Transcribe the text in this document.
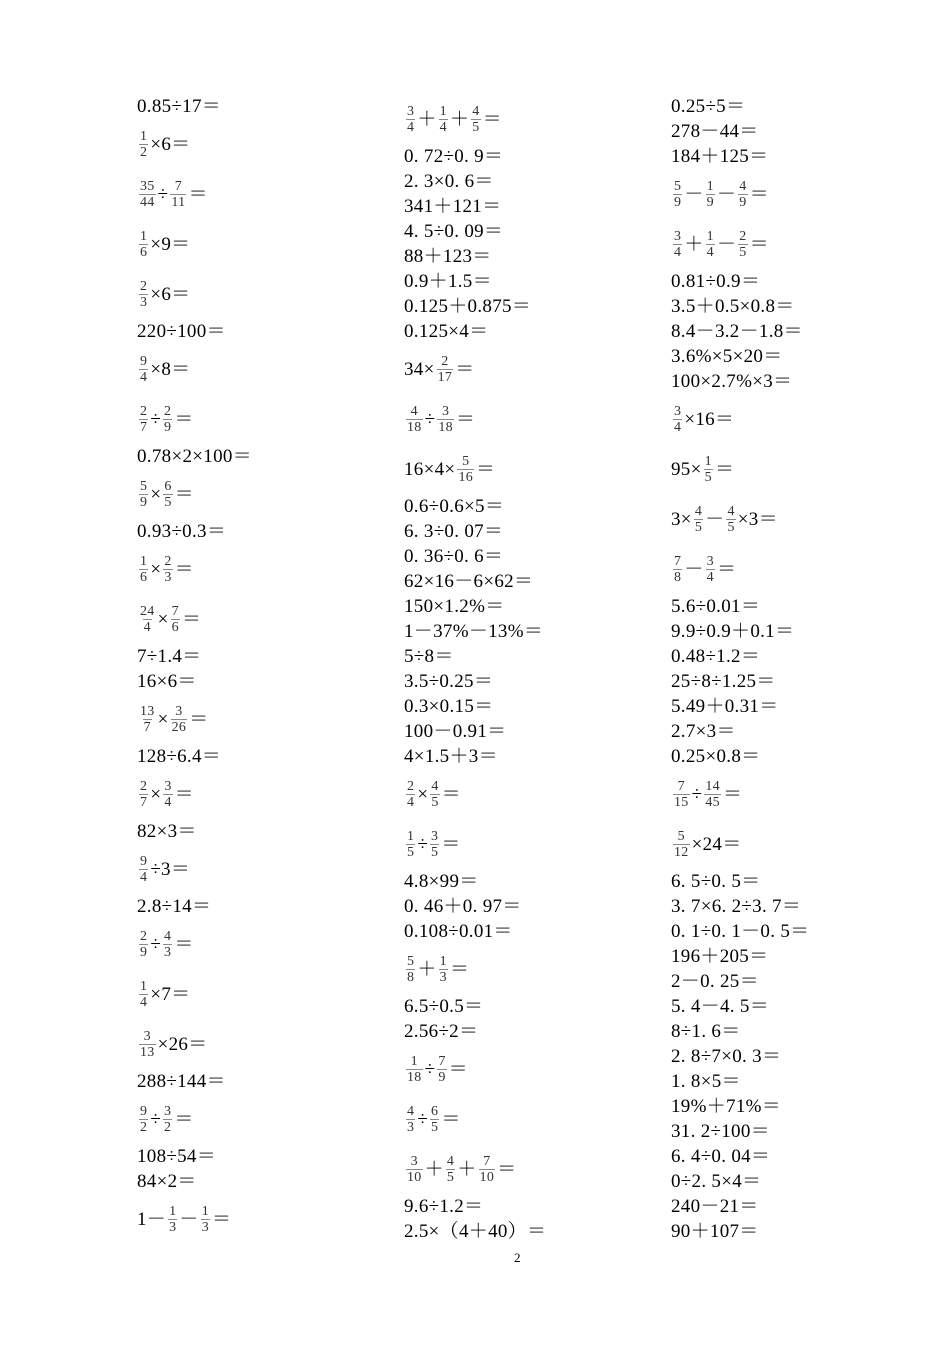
0.85÷17＝
$\frac{1}{2} \times 6=$
$\frac{35}{44} \div \frac{7}{11}$ ＝
$\frac{1}{6} \times 9=$
$\frac{2}{3} \times 6=$
220÷100＝
$\frac{9}{4} \times 8=$
$\frac{2}{7} \div \frac{2}{9}$ ＝
0.78×2×100＝
$\frac{5}{9} \times \frac{6}{5}$ ＝
0.93÷0.3＝
$\frac{1}{6} \times \frac{2}{3}$ ＝
$\frac{24}{4} \times \frac{7}{6}$ ＝
7÷1.4＝
16×6＝
$\frac{13}{7} \times \frac{3}{26}$ ＝
128÷6.4＝
$\frac{2}{7} \times \frac{3}{4}$ ＝
82×3＝
$\frac{9}{4} \div 3=$
2.8÷14＝
$\frac{2}{9} \div \frac{4}{3}$ ＝
$\frac{1}{4} \times 7=$
$\frac{3}{13} \times 26=$
288÷144＝
$\frac{9}{2} \div \frac{3}{2}$ ＝
108÷54＝
84×2＝
$1- \frac{1}{3} - \frac{1}{3}$ ＝
$\frac{3}{4} + \frac{1}{4} + \frac{4}{5}$ ＝
0. 72÷0. 9＝
2. 3×0. 6＝
341＋121＝
4. 5÷0. 09＝
88＋123＝
0.9＋1.5＝
0.125＋0.875＝
0.125×4＝
$34\times \frac{2}{17}$ ＝
$\frac{4}{18} \div \frac{3}{18}$ ＝
$16\times 4\times \frac{5}{16}$ ＝
0.6÷0.6×5＝
6. 3÷0. 07＝
0. 36÷0. 6＝
62×16－6×62＝
150×1.2%＝
1－37%－13%＝
5÷8＝
3.5÷0.25＝
0.3×0.15＝
100－0.91＝
4×1.5＋3＝
$\frac{2}{4} \times \frac{4}{5}$ ＝
$\frac{1}{5} \div \frac{3}{5}$ ＝
4.8×99＝
0. 46＋0. 97＝
0.108÷0.01＝
$\frac{5}{8} + \frac{1}{3}$ ＝
6.5÷0.5＝
2.56÷2＝
$\frac{1}{18} \div \frac{7}{9}$ ＝
$\frac{4}{3} \div \frac{6}{5}$ ＝
$\frac{3}{10} + \frac{4}{5} + \frac{7}{10}$ ＝
9.6÷1.2＝
2.5×（4＋40）＝
0.25÷5＝
278－44＝
184＋125＝
$\frac{5}{9} - \frac{1}{9} - \frac{4}{9}$ ＝
$\frac{3}{4} + \frac{1}{4} - \frac{2}{5}$ ＝
0.81÷0.9＝
3.5＋0.5×0.8＝
8.4－3.2－1.8＝
3.6%×5×20＝
100×2.7%×3＝
$\frac{3}{4} \times 16=$
$95\times \frac{1}{5}$ ＝
$3\times \frac{4}{5} - \frac{4}{5} \times 3=$
$\frac{7}{8} - \frac{3}{4}$ ＝
5.6÷0.01＝
9.9÷0.9＋0.1＝
0.48÷1.2＝
25÷8÷1.25＝
5.49＋0.31＝
2.7×3＝
0.25×0.8＝
$\frac{7}{15} \div \frac{14}{45}$ ＝
$\frac{5}{12} \times 24=$
6. 5÷0. 5＝
3. 7×6. 2÷3. 7＝
0. 1÷0. 1－0. 5＝
196＋205＝
2－0. 25＝
5. 4－4. 5＝
8÷1. 6＝
2. 8÷7×0. 3＝
1. 8×5＝
19%＋71%＝
31. 2÷100＝
6. 4÷0. 04＝
0÷2. 5×4＝
240－21＝
90＋107＝
2
